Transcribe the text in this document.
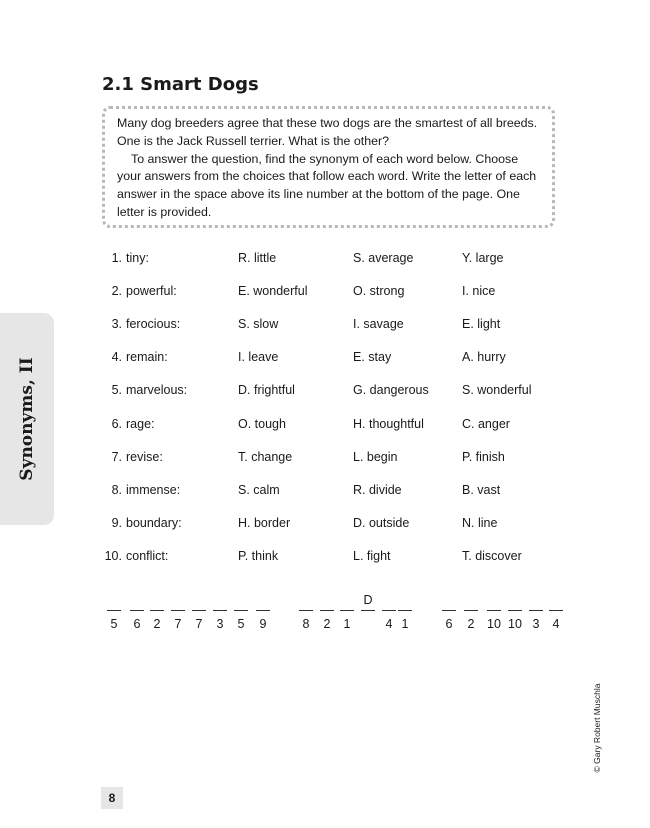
Synonyms, II
2.1 Smart Dogs

Many dog breeders agree that these two dogs are the smartest of all breeds. One is the Jack Russell terrier. What is the other?

To answer the question, find the synonym of each word below. Choose your answers from the choices that follow each word. Write the letter of each answer in the space above its line number at the bottom of the page. One letter is provided.

1. tiny:	R. little	S. average	Y. large
2. powerful:	E. wonderful	O. strong	I. nice
3. ferocious:	S. slow	I. savage	E. light
4. remain:	I. leave	E. stay	A. hurry
5. marvelous:	D. frightful	G. dangerous	S. wonderful
6. rage:	O. tough	H. thoughtful	C. anger
7. revise:	T. change	L. begin	P. finish
8. immense:	S. calm	R. divide	B. vast
9. boundary:	H. border	D. outside	N. line
10. conflict:	P. think	L. fight	T. discover
5	6	2	7	7	3	5	9	8	2	1
D
4 1	6	2	10 10 3	4
© Gary Robert Muschla
8
